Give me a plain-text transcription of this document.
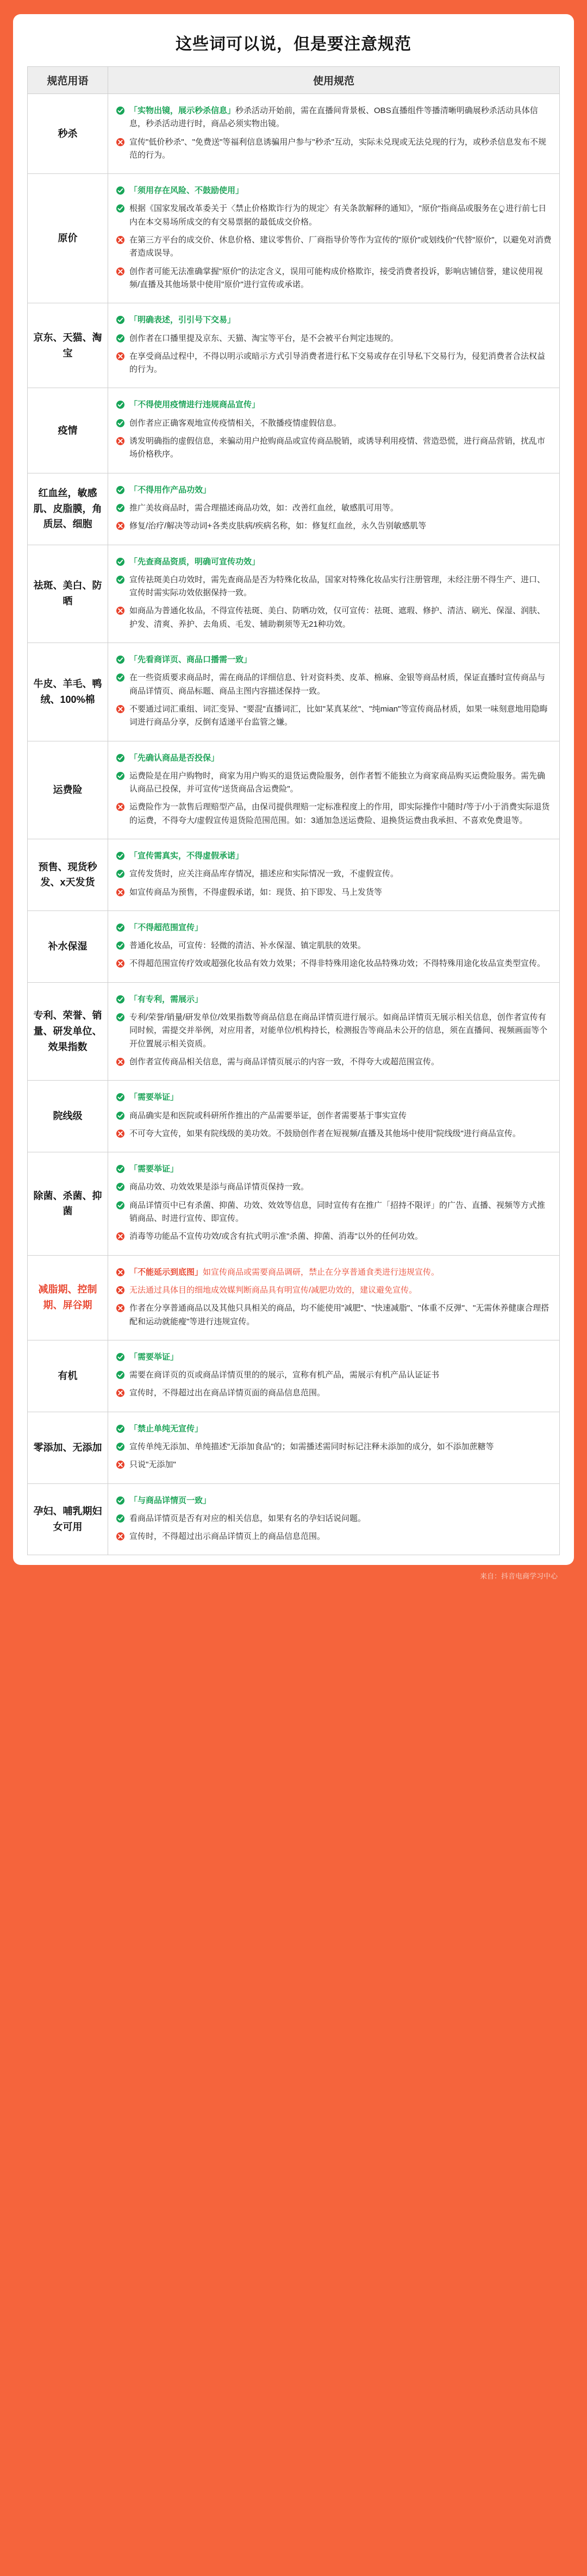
这些词可以说，但是要注意规范
规范用语	使用规范
秒杀	「实物出镜，展示秒杀信息」秒杀活动开始前，需在直播间背景板、OBS直播组件等播清晰明确展秒杀活动具体信息，秒杀活动进行时，商品必须实物出镜。
宣传"低价秒杀"、"免费送"等福利信息诱骗用户参与"秒杀"互动，实际未兑现或无法兑现的行为，或秒杀信息发布不规范的行为。

原价	「须用存在风险、不鼓励使用」
根据《国家发展改革委关于〈禁止价格欺诈行为的规定〉有关条款解释的通知》，"原价"指商品或服务在ুু进行前七日内在本交易场所成交的有交易票据的最低成交价格。
在第三方平台的成交价、休息价格、建议零售价、厂商指导价等作为宣传的"原价"或划线价"代替"原价"，以避免对消费者造成误导。
创作者可能无法准确掌握"原价"的法定含义，误用可能构成价格欺诈，接受消费者投诉，影响店铺信誉，建议使用视频/直播及其他场景中使用"原价"进行宣传或承诺。

京东、天猫、淘宝	「明确表述，引引号下交易」
创作者在口播里提及京东、天猫、淘宝等平台，是不会被平台判定违规的。
在享受商品过程中，不得以明示或暗示方式引导消费者进行私下交易或存在引导私下交易行为，侵犯消费者合法权益的行为。

疫情	「不得使用疫情进行违规商品宣传」
创作者应正确客观地宣传疫情相关，不散播疫情虚假信息。
诱发明确指的虚假信息，来骗动用户抢购商品或宣传商品脱销，或诱导利用疫情、营造恐慌，进行商品营销，扰乱市场价格秩序。

红血丝，敏感肌、皮脂膜，角质层、细胞	「不得用作产品功效」
推广美妆商品时，需合理描述商品功效，如：改善红血丝，敏感肌可用等。
修复/治疗/解决等动词+各类皮肤病/疾病名称，如：修复红血丝，永久告别敏感肌等

祛斑、美白、防晒	「先查商品资质，明确可宣传功效」
宣传祛斑美白功效时，需先查商品是否为特殊化妆品，国家对特殊化妆品实行注册管理，未经注册不得生产、进口、宣传时需实际功效依据保持一致。
如商品为普通化妆品，不得宣传祛斑、美白、防晒功效，仅可宣传：祛斑、遮瑕、修护、清洁、刷光、保湿、润肤、护发、清爽、养护、去角质、毛发、辅助剃须等无21种功效。

牛皮、羊毛、鸭绒、100%棉	「先看商详页、商品口播需一致」
在一些资质要求商品时，需在商品的详细信息、针对资料类、皮革、棉麻、金银等商品材质，保证直播时宣传商品与商品详情页、商品标题、商品主图内容描述保持一致。
不要通过词汇重组、词汇变异、"要混"直播词汇，比如"某真某丝"、"纯mian"等宣传商品材质，如果一味刻意地用隐晦词进行商品分享，反倒有适递平台监管之嫌。

运费险	「先确认商品是否投保」
运费险是在用户购物时，商家为用户购买的退货运费险服务，创作者暂不能独立为商家商品购买运费险服务。需先确认商品已投保，并可宣传"送货商品含运费险"。
运费险作为一款售后理赔型产品，由保司提供理赔一定标准程度上的作用，即实际操作中随时/等于/小于消费实际退货的运费，不得夸大/虚假宣传退货险范围范围。如：3通加急送运费险、退换货运费由我承担、不喜欢免费退等。

预售、现货秒发、x天发货	「宣传需真实，不得虚假承诺」
宣传发货时，应关注商品库存情况，描述应和实际情况一致，不虚假宣传。
如宣传商品为预售，不得虚假承诺，如：现货、拍下即发、马上发货等

补水保湿	「不得超范围宣传」
普通化妆品，可宣传：轻微的清洁、补水保湿、镇定肌肤的效果。
不得超范围宣传疗效或超强化妆品有效力效果；不得非特殊用途化妆品特殊功效；不得特殊用途化妆品宣类型宣传。

专利、荣誉、销量、研发单位、效果指数	「有专利，需展示」
专利/荣誉/销量/研发单位/效果指数等商品信息在商品详情页进行展示。如商品详情页无展示相关信息，创作者宣传有同时候，需提交并举例，对应用者，对能单位/机构持长，检测报告等商品未公开的信息，须在直播间、视频画面等个开位置展示相关资质。
创作者宣传商品相关信息，需与商品详情页展示的内容一致，不得夸大或超范围宣传。

院线级	「需要举证」
商品确实是和医院或科研所作推出的产品需要举证，创作者需要基于事实宣传
不可夸大宣传，如果有院线级的美功效。不鼓励创作者在短视频/直播及其他场中使用"院线级"进行商品宣传。

除菌、杀菌、抑菌	「需要举证」
商品功效、功效效果是添与商品详情页保持一致。
商品详情页中已有杀菌、抑菌、功效、效效等信息，同时宣传有在推广「招持不限评」的广告、直播、视频等方式推销商品、时进行宣传、即宣传。
消毒等功能品不宣传功效/或含有抗式明示准"杀菌、抑菌、消毒"以外的任何功效。

减脂期、控制期、屏谷期	「不能延示到底图」如宣传商品或需要商品调研，禁止在分享普通食类进行违规宣传。
无法通过具体目的细地成效媒判断商品具有明宣传/减肥功效的，建议避免宣传。
作者在分享普通商品以及其他只具相关的商品，均不能使用"减肥"、"快速减脂"、"体重不反弹"、"无需休养健康合理搭配和运动就能瘦"等进行违规宣传。

有机	「需要举证」
需要在商详页的页或商品详情页里的的展示，宣称有机产品，需展示有机产品认证证书
宣传时，不得超过出在商品详情页面的商品信息范围。

零添加、无添加	「禁止单纯无宣传」
宣传单纯无添加、单纯描述"无添加食品"的；如需播述需同时标记注释未添加的成分，如不添加蔗糖等
只说"无添加"

孕妇、哺乳期妇女可用	「与商品详情页一致」
看商品详情页是否有对应的相关信息，如果有名的孕妇话说问题。
宣传时，不得超过出示商品详情页上的商品信息范围。
来自：抖音电商学习中心
